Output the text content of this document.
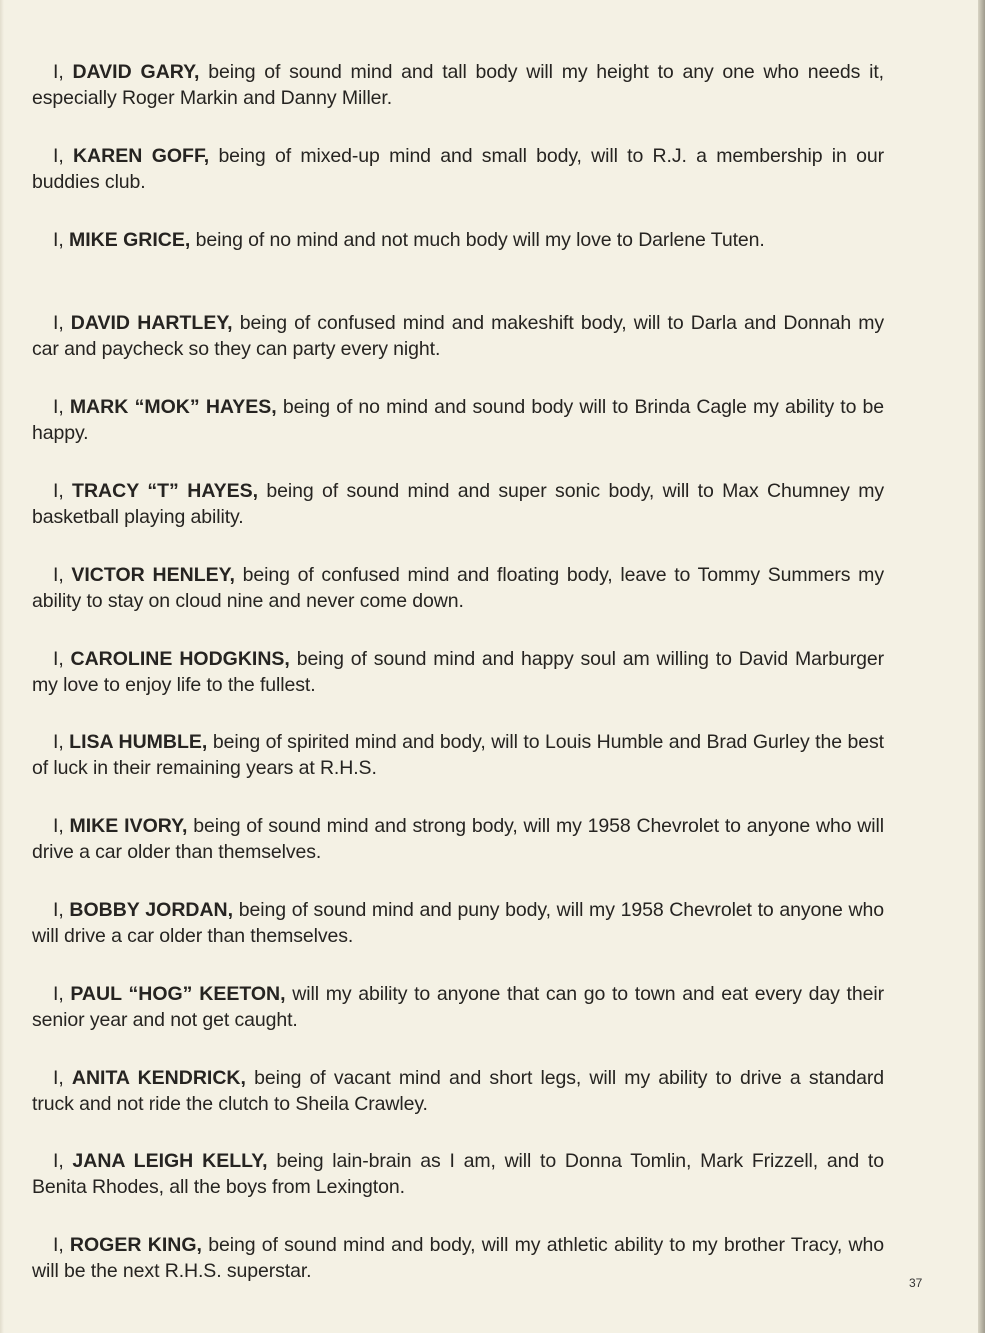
I, DAVID GARY, being of sound mind and tall body will my height to any one who needs it, especially Roger Markin and Danny Miller.

I, KAREN GOFF, being of mixed-up mind and small body, will to R.J. a membership in our buddies club.

I, MIKE GRICE, being of no mind and not much body will my love to Darlene Tuten.

I, DAVID HARTLEY, being of confused mind and makeshift body, will to Darla and Donnah my car and paycheck so they can party every night.

I, MARK “MOK” HAYES, being of no mind and sound body will to Brinda Cagle my ability to be happy.

I, TRACY “T” HAYES, being of sound mind and super sonic body, will to Max Chumney my basketball playing ability.

I, VICTOR HENLEY, being of confused mind and floating body, leave to Tommy Summers my ability to stay on cloud nine and never come down.

I, CAROLINE HODGKINS, being of sound mind and happy soul am willing to David Marburger my love to enjoy life to the fullest.

I, LISA HUMBLE, being of spirited mind and body, will to Louis Humble and Brad Gurley the best of luck in their remaining years at R.H.S.

I, MIKE IVORY, being of sound mind and strong body, will my 1958 Chevrolet to anyone who will drive a car older than themselves.

I, BOBBY JORDAN, being of sound mind and puny body, will my 1958 Chevrolet to anyone who will drive a car older than themselves.

I, PAUL “HOG” KEETON, will my ability to anyone that can go to town and eat every day their senior year and not get caught.

I, ANITA KENDRICK, being of vacant mind and short legs, will my ability to drive a standard truck and not ride the clutch to Sheila Crawley.

I, JANA LEIGH KELLY, being lain-brain as I am, will to Donna Tomlin, Mark Frizzell, and to Benita Rhodes, all the boys from Lexington.

I, ROGER KING, being of sound mind and body, will my athletic ability to my brother Tracy, who will be the next R.H.S. superstar.

37
